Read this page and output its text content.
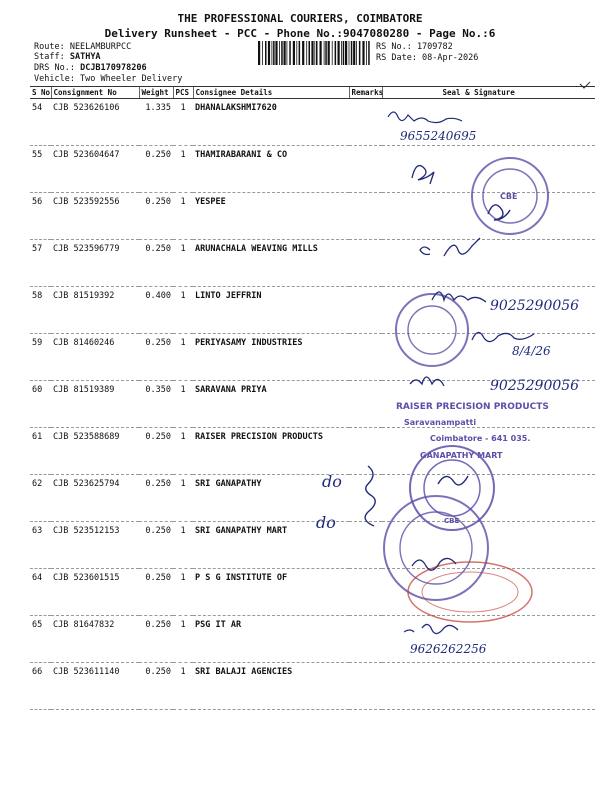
THE PROFESSIONAL COURIERS, COIMBATORE
Delivery Runsheet - PCC - Phone No.:9047080280 - Page No.:6
Route: NEELAMBURPCC
Staff: SATHYA
DRS No.: DCJB170978206
Vehicle: Two Wheeler Delivery
RS No.: 1709782
RS Date: 08-Apr-2026
S No	Consignment No	Weight	PCS	Consignee Details	Remarks	Seal & Signature
54	CJB 523626106	1.335	1	DHANALAKSHMI7620		
55	CJB 523604647	0.250	1	THAMIRABARANI & CO		
56	CJB 523592556	0.250	1	YESPEE		
57	CJB 523596779	0.250	1	ARUNACHALA WEAVING MILLS		
58	CJB 81519392	0.400	1	LINTO JEFFRIN		
59	CJB 81460246	0.250	1	PERIYASAMY INDUSTRIES		
60	CJB 81519389	0.350	1	SARAVANA PRIYA		
61	CJB 523588689	0.250	1	RAISER PRECISION PRODUCTS		
62	CJB 523625794	0.250	1	SRI GANAPATHY		
63	CJB 523512153	0.250	1	SRI GANAPATHY MART		
64	CJB 523601515	0.250	1	P S G INSTITUTE OF		
65	CJB 81647832	0.250	1	PSG IT AR		
66	CJB 523611140	0.250	1	SRI BALAJI AGENCIES		
9655240695
CBE
9025290056
8/4/26
9025290056
RAISER PRECISION PRODUCTS
Saravanampatti
Coimbatore - 641 035.
do
do
GANAPATHY MART
CBE
9626262256
